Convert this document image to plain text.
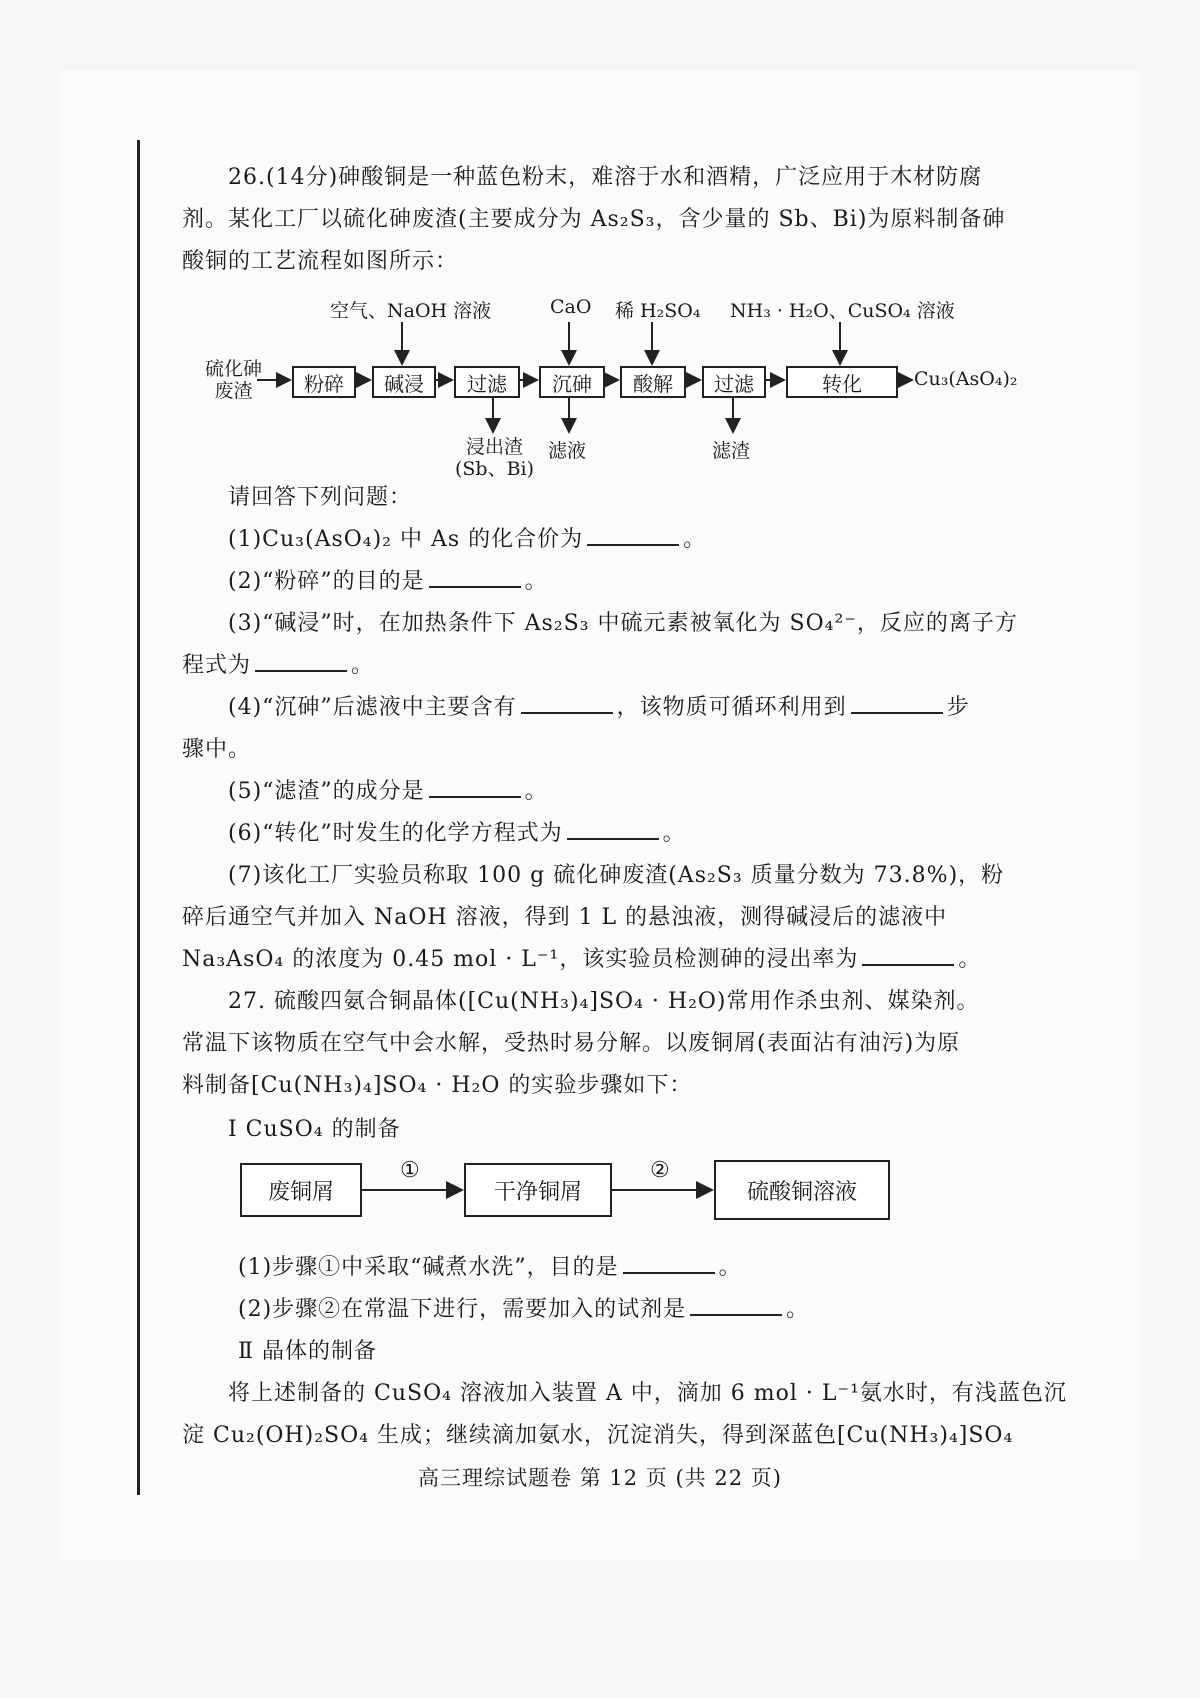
26.(14分)砷酸铜是一种蓝色粉末，难溶于水和酒精，广泛应用于木材防腐
剂。某化工厂以硫化砷废渣(主要成分为 As₂S₃，含少量的 Sb、Bi)为原料制备砷
酸铜的工艺流程如图所示：
硫化砷
废渣	粉碎	碱浸	过滤	沉砷	酸解	过滤	转化	Cu₃(AsO₄)₂
空气、NaOH 溶液	CaO 稀 H₂SO₄ NH₃ · H₂O、CuSO₄ 溶液
浸出渣
(Sb、Bi)
滤液	滤渣
请回答下列问题：
(1)Cu₃(AsO₄)₂ 中 As 的化合价为	。
(2)“粉碎”的目的是	。
(3)“碱浸”时，在加热条件下 As₂S₃ 中硫元素被氧化为 SO₄²⁻，反应的离子方
程式为	。
(4)“沉砷”后滤液中主要含有	，该物质可循环利用到	步
骤中。
(5)“滤渣”的成分是	。
(6)“转化”时发生的化学方程式为	。
(7)该化工厂实验员称取 100 g 硫化砷废渣(As₂S₃ 质量分数为 73.8%)，粉
碎后通空气并加入 NaOH 溶液，得到 1 L 的悬浊液，测得碱浸后的滤液中
Na₃AsO₄ 的浓度为 0.45 mol · L⁻¹，该实验员检测砷的浸出率为	。
27. 硫酸四氨合铜晶体([Cu(NH₃)₄]SO₄ · H₂O)常用作杀虫剂、媒染剂。
常温下该物质在空气中会水解，受热时易分解。以废铜屑(表面沾有油污)为原
料制备[Cu(NH₃)₄]SO₄ · H₂O 的实验步骤如下：
Ⅰ CuSO₄ 的制备
废铜屑	干净铜屑	硫酸铜溶液
①	②
(1)步骤①中采取“碱煮水洗”，目的是	。
(2)步骤②在常温下进行，需要加入的试剂是	。
Ⅱ 晶体的制备
将上述制备的 CuSO₄ 溶液加入装置 A 中，滴加 6 mol · L⁻¹氨水时，有浅蓝色沉
淀 Cu₂(OH)₂SO₄ 生成；继续滴加氨水，沉淀消失，得到深蓝色[Cu(NH₃)₄]SO₄
高三理综试题卷 第 12 页 (共 22 页)
